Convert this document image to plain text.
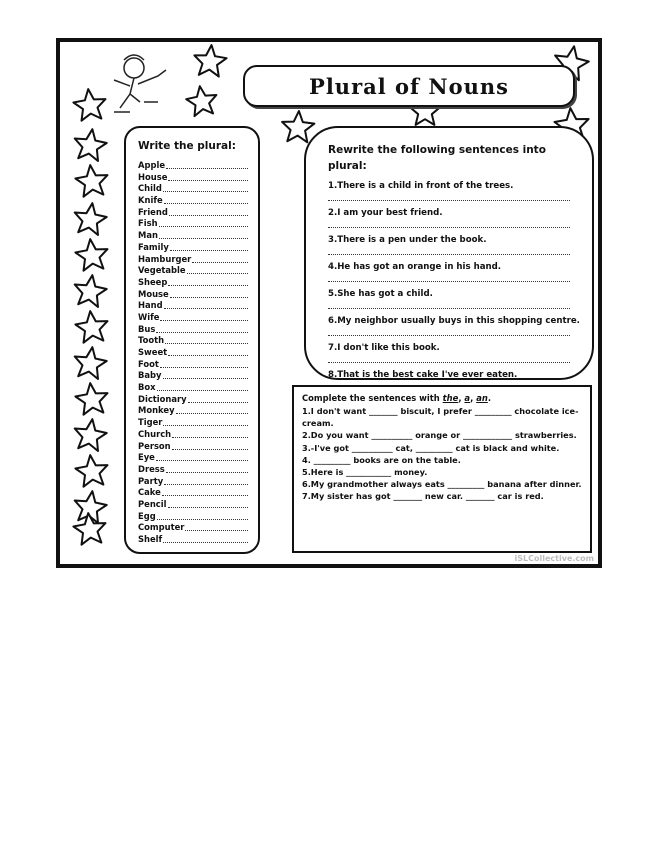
Plural of Nouns
Write the plural:
Apple
House
Child
Knife
Friend
Fish
Man
Family
Hamburger
Vegetable
Sheep
Mouse
Hand
Wife
Bus
Tooth
Sweet
Foot
Baby
Box
Dictionary
Monkey
Tiger
Church
Person
Eye
Dress
Party
Cake
Pencil
Egg
Computer
Shelf
Rewrite the following sentences into plural:
1.There is a child in front of the trees.
2.I am your best friend.
3.There is a pen under the book.
4.He has got an orange in his hand.
5.She has got a child.
6.My neighbor usually buys in this shopping centre.
7.I don't like this book.
8.That is the best cake I've ever eaten.

Complete the sentences with the, a, an.

1.I don't want _______ biscuit, I prefer _________ chocolate ice-cream.
2.Do you want __________ orange or ____________ strawberries.
3.-I've got __________ cat, _________ cat is black and white.
4. _________ books are on the table.
5.Here is ___________ money.
6.My grandmother always eats _________ banana after dinner.
7.My sister has got _______ new car. _______ car is red.
iSLCollective.com
